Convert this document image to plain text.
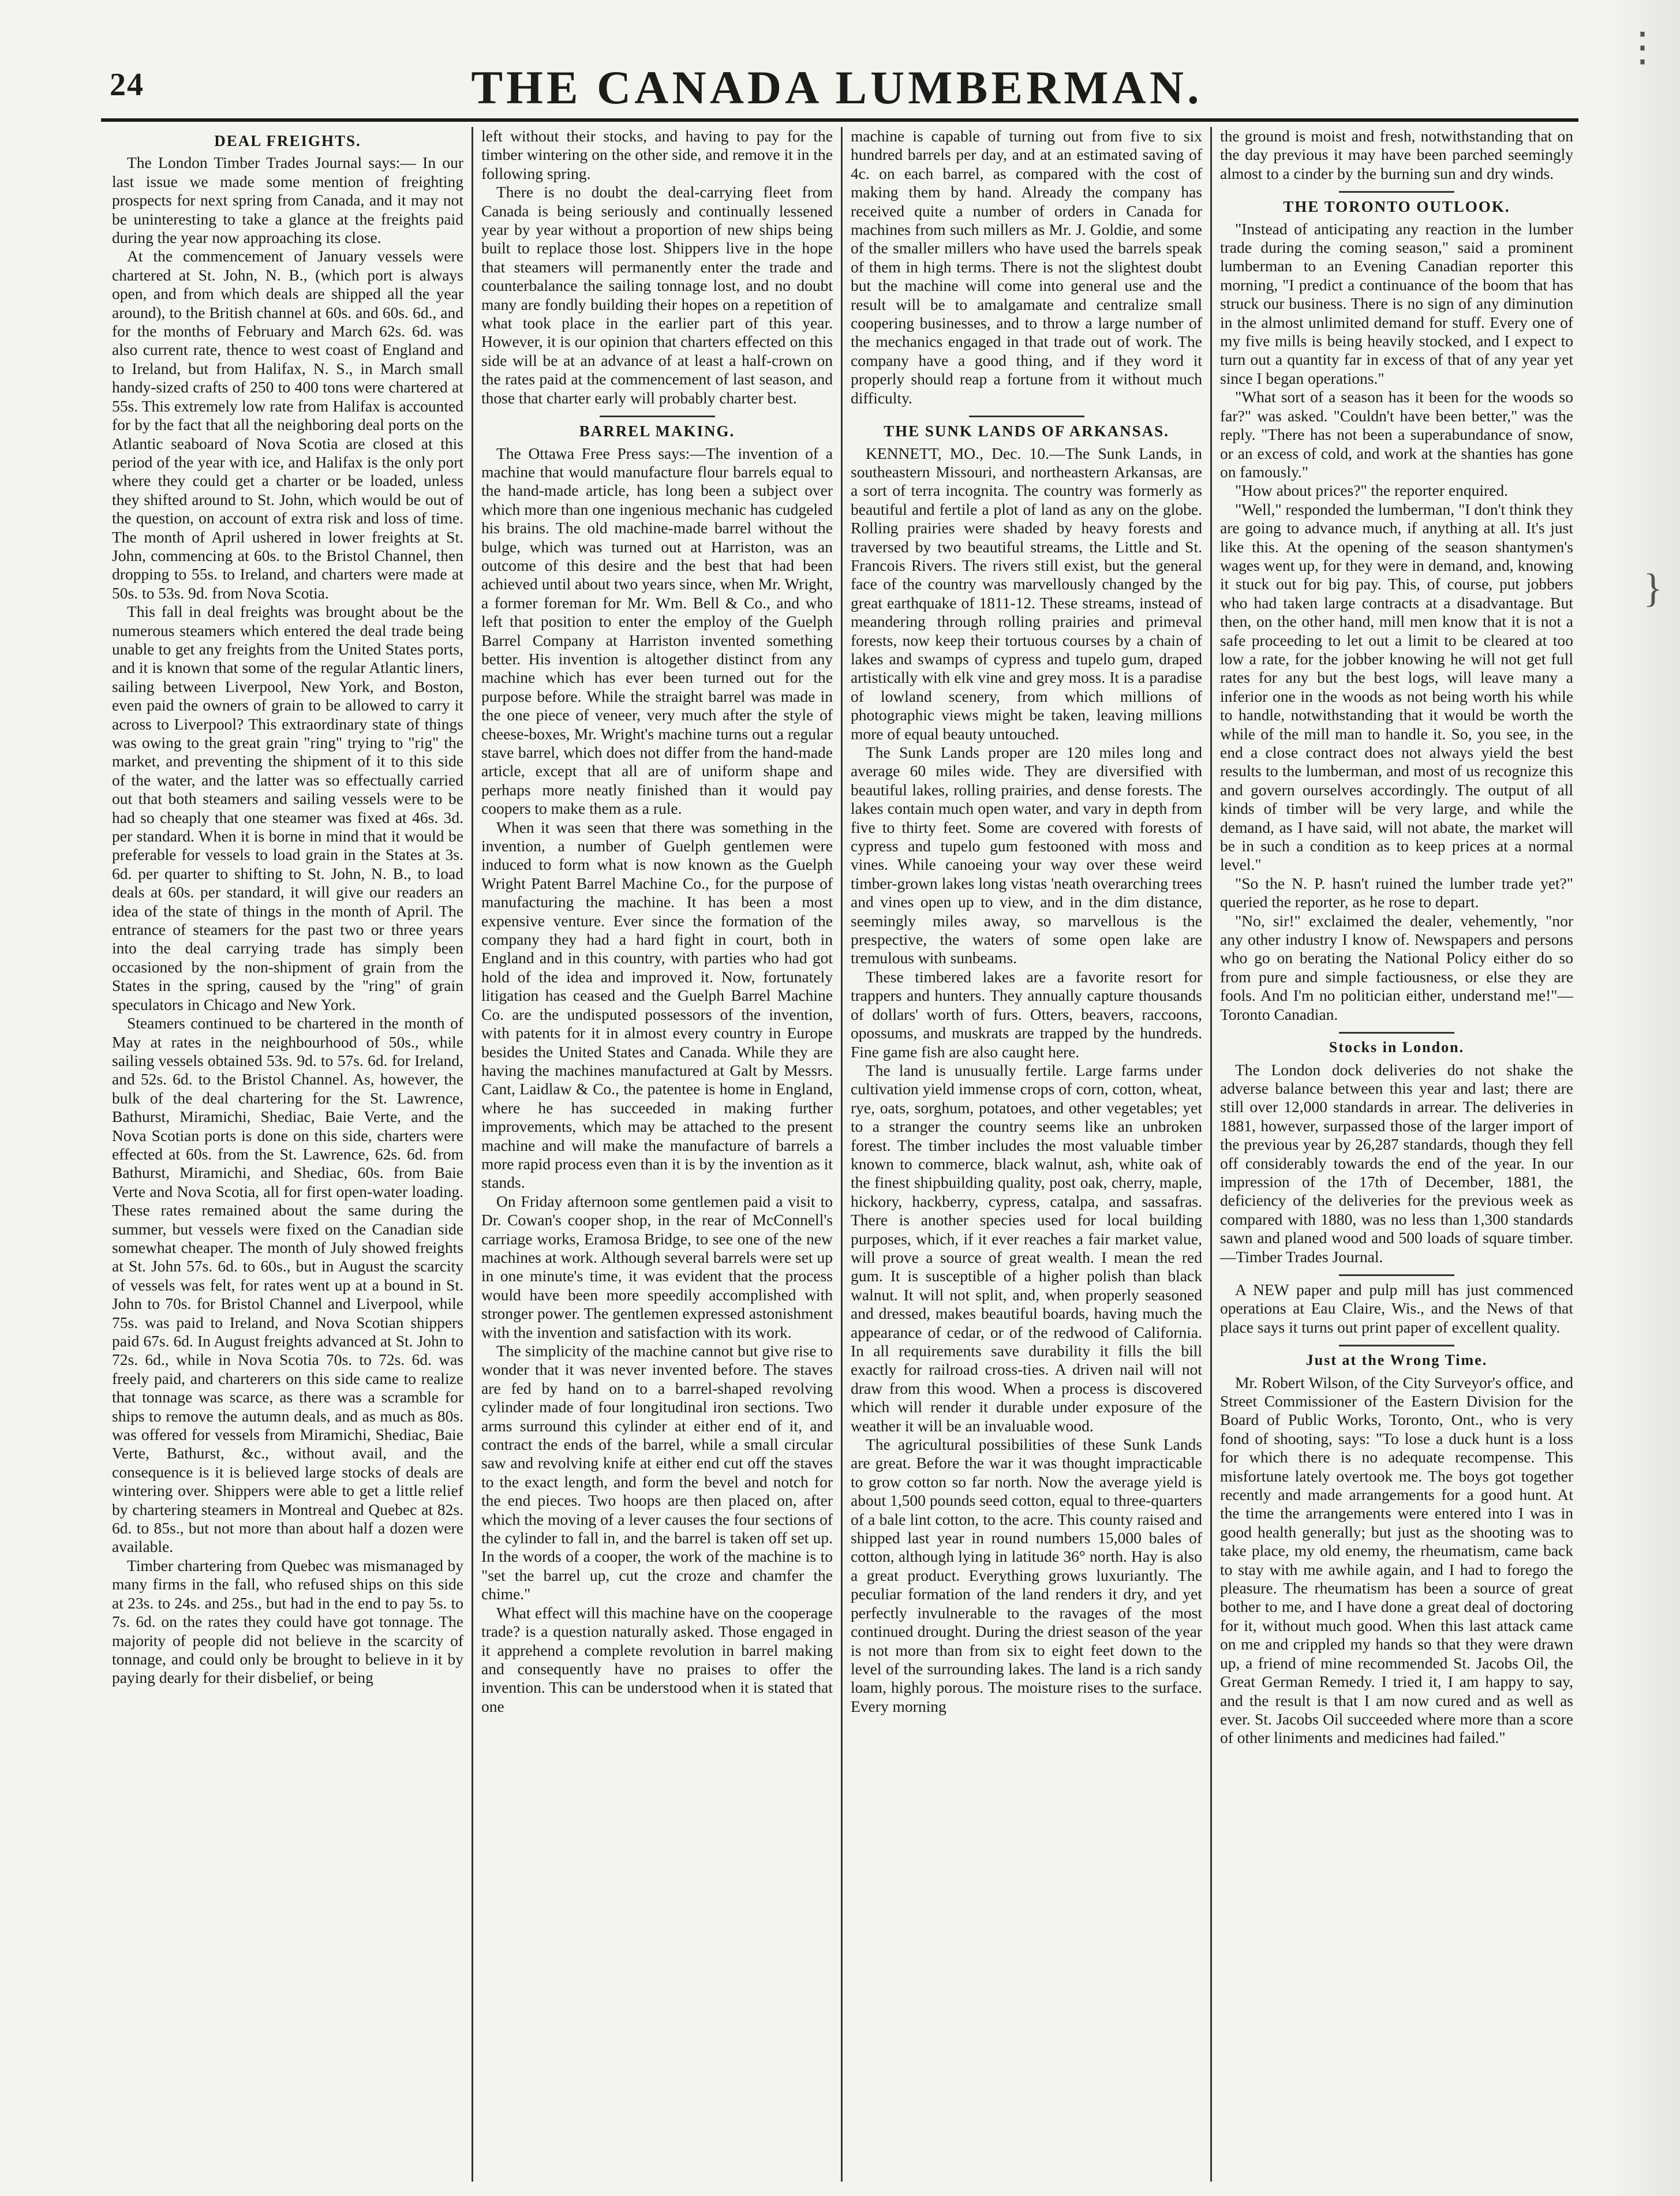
24	THE CANADA LUMBERMAN.
DEAL FREIGHTS.

The London Timber Trades Journal says:— In our last issue we made some mention of freighting prospects for next spring from Canada, and it may not be uninteresting to take a glance at the freights paid during the year now approaching its close.

At the commencement of January vessels were chartered at St. John, N. B., (which port is always open, and from which deals are shipped all the year around), to the British channel at 60s. and 60s. 6d., and for the months of February and March 62s. 6d. was also current rate, thence to west coast of England and to Ireland, but from Halifax, N. S., in March small handy-sized crafts of 250 to 400 tons were chartered at 55s. This extremely low rate from Halifax is accounted for by the fact that all the neighboring deal ports on the Atlantic seaboard of Nova Scotia are closed at this period of the year with ice, and Halifax is the only port where they could get a charter or be loaded, unless they shifted around to St. John, which would be out of the question, on account of extra risk and loss of time. The month of April ushered in lower freights at St. John, commencing at 60s. to the Bristol Channel, then dropping to 55s. to Ireland, and charters were made at 50s. to 53s. 9d. from Nova Scotia.

This fall in deal freights was brought about be the numerous steamers which entered the deal trade being unable to get any freights from the United States ports, and it is known that some of the regular Atlantic liners, sailing between Liverpool, New York, and Boston, even paid the owners of grain to be allowed to carry it across to Liverpool? This extraordinary state of things was owing to the great grain "ring" trying to "rig" the market, and preventing the shipment of it to this side of the water, and the latter was so effectually carried out that both steamers and sailing vessels were to be had so cheaply that one steamer was fixed at 46s. 3d. per standard. When it is borne in mind that it would be preferable for vessels to load grain in the States at 3s. 6d. per quarter to shifting to St. John, N. B., to load deals at 60s. per standard, it will give our readers an idea of the state of things in the month of April. The entrance of steamers for the past two or three years into the deal carrying trade has simply been occasioned by the non-shipment of grain from the States in the spring, caused by the "ring" of grain speculators in Chicago and New York.

Steamers continued to be chartered in the month of May at rates in the neighbourhood of 50s., while sailing vessels obtained 53s. 9d. to 57s. 6d. for Ireland, and 52s. 6d. to the Bristol Channel. As, however, the bulk of the deal chartering for the St. Lawrence, Bathurst, Miramichi, Shediac, Baie Verte, and the Nova Scotian ports is done on this side, charters were effected at 60s. from the St. Lawrence, 62s. 6d. from Bathurst, Miramichi, and Shediac, 60s. from Baie Verte and Nova Scotia, all for first open-water loading. These rates remained about the same during the summer, but vessels were fixed on the Canadian side somewhat cheaper. The month of July showed freights at St. John 57s. 6d. to 60s., but in August the scarcity of vessels was felt, for rates went up at a bound in St. John to 70s. for Bristol Channel and Liverpool, while 75s. was paid to Ireland, and Nova Scotian shippers paid 67s. 6d. In August freights advanced at St. John to 72s. 6d., while in Nova Scotia 70s. to 72s. 6d. was freely paid, and charterers on this side came to realize that tonnage was scarce, as there was a scramble for ships to remove the autumn deals, and as much as 80s. was offered for vessels from Miramichi, Shediac, Baie Verte, Bathurst, &c., without avail, and the consequence is it is believed large stocks of deals are wintering over. Shippers were able to get a little relief by chartering steamers in Montreal and Quebec at 82s. 6d. to 85s., but not more than about half a dozen were available.

Timber chartering from Quebec was mismanaged by many firms in the fall, who refused ships on this side at 23s. to 24s. and 25s., but had in the end to pay 5s. to 7s. 6d. on the rates they could have got tonnage. The majority of people did not believe in the scarcity of tonnage, and could only be brought to believe in it by paying dearly for their disbelief, or being

left without their stocks, and having to pay for the timber wintering on the other side, and remove it in the following spring.

There is no doubt the deal-carrying fleet from Canada is being seriously and continually lessened year by year without a proportion of new ships being built to replace those lost. Shippers live in the hope that steamers will permanently enter the trade and counterbalance the sailing tonnage lost, and no doubt many are fondly building their hopes on a repetition of what took place in the earlier part of this year. However, it is our opinion that charters effected on this side will be at an advance of at least a half-crown on the rates paid at the commencement of last season, and those that charter early will probably charter best.

BARREL MAKING.

The Ottawa Free Press says:—The invention of a machine that would manufacture flour barrels equal to the hand-made article, has long been a subject over which more than one ingenious mechanic has cudgeled his brains. The old machine-made barrel without the bulge, which was turned out at Harriston, was an outcome of this desire and the best that had been achieved until about two years since, when Mr. Wright, a former foreman for Mr. Wm. Bell & Co., and who left that position to enter the employ of the Guelph Barrel Company at Harriston invented something better. His invention is altogether distinct from any machine which has ever been turned out for the purpose before. While the straight barrel was made in the one piece of veneer, very much after the style of cheese-boxes, Mr. Wright's machine turns out a regular stave barrel, which does not differ from the hand-made article, except that all are of uniform shape and perhaps more neatly finished than it would pay coopers to make them as a rule.

When it was seen that there was something in the invention, a number of Guelph gentlemen were induced to form what is now known as the Guelph Wright Patent Barrel Machine Co., for the purpose of manufacturing the machine. It has been a most expensive venture. Ever since the formation of the company they had a hard fight in court, both in England and in this country, with parties who had got hold of the idea and improved it. Now, fortunately litigation has ceased and the Guelph Barrel Machine Co. are the undisputed possessors of the invention, with patents for it in almost every country in Europe besides the United States and Canada. While they are having the machines manufactured at Galt by Messrs. Cant, Laidlaw & Co., the patentee is home in England, where he has succeeded in making further improvements, which may be attached to the present machine and will make the manufacture of barrels a more rapid process even than it is by the invention as it stands.

On Friday afternoon some gentlemen paid a visit to Dr. Cowan's cooper shop, in the rear of McConnell's carriage works, Eramosa Bridge, to see one of the new machines at work. Although several barrels were set up in one minute's time, it was evident that the process would have been more speedily accomplished with stronger power. The gentlemen expressed astonishment with the invention and satisfaction with its work.

The simplicity of the machine cannot but give rise to wonder that it was never invented before. The staves are fed by hand on to a barrel-shaped revolving cylinder made of four longitudinal iron sections. Two arms surround this cylinder at either end of it, and contract the ends of the barrel, while a small circular saw and revolving knife at either end cut off the staves to the exact length, and form the bevel and notch for the end pieces. Two hoops are then placed on, after which the moving of a lever causes the four sections of the cylinder to fall in, and the barrel is taken off set up. In the words of a cooper, the work of the machine is to "set the barrel up, cut the croze and chamfer the chime."

What effect will this machine have on the cooperage trade? is a question naturally asked. Those engaged in it apprehend a complete revolution in barrel making and consequently have no praises to offer the invention. This can be understood when it is stated that one

machine is capable of turning out from five to six hundred barrels per day, and at an estimated saving of 4c. on each barrel, as compared with the cost of making them by hand. Already the company has received quite a number of orders in Canada for machines from such millers as Mr. J. Goldie, and some of the smaller millers who have used the barrels speak of them in high terms. There is not the slightest doubt but the machine will come into general use and the result will be to amalgamate and centralize small coopering businesses, and to throw a large number of the mechanics engaged in that trade out of work. The company have a good thing, and if they word it properly should reap a fortune from it without much difficulty.

THE SUNK LANDS OF ARKANSAS.

KENNETT, MO., Dec. 10.—The Sunk Lands, in southeastern Missouri, and northeastern Arkansas, are a sort of terra incognita. The country was formerly as beautiful and fertile a plot of land as any on the globe. Rolling prairies were shaded by heavy forests and traversed by two beautiful streams, the Little and St. Francois Rivers. The rivers still exist, but the general face of the country was marvellously changed by the great earthquake of 1811-12. These streams, instead of meandering through rolling prairies and primeval forests, now keep their tortuous courses by a chain of lakes and swamps of cypress and tupelo gum, draped artistically with elk vine and grey moss. It is a paradise of lowland scenery, from which millions of photographic views might be taken, leaving millions more of equal beauty untouched.

The Sunk Lands proper are 120 miles long and average 60 miles wide. They are diversified with beautiful lakes, rolling prairies, and dense forests. The lakes contain much open water, and vary in depth from five to thirty feet. Some are covered with forests of cypress and tupelo gum festooned with moss and vines. While canoeing your way over these weird timber-grown lakes long vistas 'neath overarching trees and vines open up to view, and in the dim distance, seemingly miles away, so marvellous is the prespective, the waters of some open lake are tremulous with sunbeams.

These timbered lakes are a favorite resort for trappers and hunters. They annually capture thousands of dollars' worth of furs. Otters, beavers, raccoons, opossums, and muskrats are trapped by the hundreds. Fine game fish are also caught here.

The land is unusually fertile. Large farms under cultivation yield immense crops of corn, cotton, wheat, rye, oats, sorghum, potatoes, and other vegetables; yet to a stranger the country seems like an unbroken forest. The timber includes the most valuable timber known to commerce, black walnut, ash, white oak of the finest shipbuilding quality, post oak, cherry, maple, hickory, hackberry, cypress, catalpa, and sassafras. There is another species used for local building purposes, which, if it ever reaches a fair market value, will prove a source of great wealth. I mean the red gum. It is susceptible of a higher polish than black walnut. It will not split, and, when properly seasoned and dressed, makes beautiful boards, having much the appearance of cedar, or of the redwood of California. In all requirements save durability it fills the bill exactly for railroad cross-ties. A driven nail will not draw from this wood. When a process is discovered which will render it durable under exposure of the weather it will be an invaluable wood.

The agricultural possibilities of these Sunk Lands are great. Before the war it was thought impracticable to grow cotton so far north. Now the average yield is about 1,500 pounds seed cotton, equal to three-quarters of a bale lint cotton, to the acre. This county raised and shipped last year in round numbers 15,000 bales of cotton, although lying in latitude 36° north. Hay is also a great product. Everything grows luxuriantly. The peculiar formation of the land renders it dry, and yet perfectly invulnerable to the ravages of the most continued drought. During the driest season of the year is not more than from six to eight feet down to the level of the surrounding lakes. The land is a rich sandy loam, highly porous. The moisture rises to the surface. Every morning

the ground is moist and fresh, notwithstanding that on the day previous it may have been parched seemingly almost to a cinder by the burning sun and dry winds.

THE TORONTO OUTLOOK.

"Instead of anticipating any reaction in the lumber trade during the coming season," said a prominent lumberman to an Evening Canadian reporter this morning, "I predict a continuance of the boom that has struck our business. There is no sign of any diminution in the almost unlimited demand for stuff. Every one of my five mills is being heavily stocked, and I expect to turn out a quantity far in excess of that of any year yet since I began operations."

"What sort of a season has it been for the woods so far?" was asked. "Couldn't have been better," was the reply. "There has not been a superabundance of snow, or an excess of cold, and work at the shanties has gone on famously."

"How about prices?" the reporter enquired.

"Well," responded the lumberman, "I don't think they are going to advance much, if anything at all. It's just like this. At the opening of the season shantymen's wages went up, for they were in demand, and, knowing it stuck out for big pay. This, of course, put jobbers who had taken large contracts at a disadvantage. But then, on the other hand, mill men know that it is not a safe proceeding to let out a limit to be cleared at too low a rate, for the jobber knowing he will not get full rates for any but the best logs, will leave many a inferior one in the woods as not being worth his while to handle, notwithstanding that it would be worth the while of the mill man to handle it. So, you see, in the end a close contract does not always yield the best results to the lumberman, and most of us recognize this and govern ourselves accordingly. The output of all kinds of timber will be very large, and while the demand, as I have said, will not abate, the market will be in such a condition as to keep prices at a normal level."

"So the N. P. hasn't ruined the lumber trade yet?" queried the reporter, as he rose to depart.

"No, sir!" exclaimed the dealer, vehemently, "nor any other industry I know of. Newspapers and persons who go on berating the National Policy either do so from pure and simple factiousness, or else they are fools. And I'm no politician either, understand me!"—Toronto Canadian.

Stocks in London.

The London dock deliveries do not shake the adverse balance between this year and last; there are still over 12,000 standards in arrear. The deliveries in 1881, however, surpassed those of the larger import of the previous year by 26,287 standards, though they fell off considerably towards the end of the year. In our impression of the 17th of December, 1881, the deficiency of the deliveries for the previous week as compared with 1880, was no less than 1,300 standards sawn and planed wood and 500 loads of square timber.—Timber Trades Journal.

A NEW paper and pulp mill has just commenced operations at Eau Claire, Wis., and the News of that place says it turns out print paper of excellent quality.

Just at the Wrong Time.

Mr. Robert Wilson, of the City Surveyor's office, and Street Commissioner of the Eastern Division for the Board of Public Works, Toronto, Ont., who is very fond of shooting, says: "To lose a duck hunt is a loss for which there is no adequate recompense. This misfortune lately overtook me. The boys got together recently and made arrangements for a good hunt. At the time the arrangements were entered into I was in good health generally; but just as the shooting was to take place, my old enemy, the rheumatism, came back to stay with me awhile again, and I had to forego the pleasure. The rheumatism has been a source of great bother to me, and I have done a great deal of doctoring for it, without much good. When this last attack came on me and crippled my hands so that they were drawn up, a friend of mine recommended St. Jacobs Oil, the Great German Remedy. I tried it, I am happy to say, and the result is that I am now cured and as well as ever. St. Jacobs Oil succeeded where more than a score of other liniments and medicines had failed."

⋮
}
